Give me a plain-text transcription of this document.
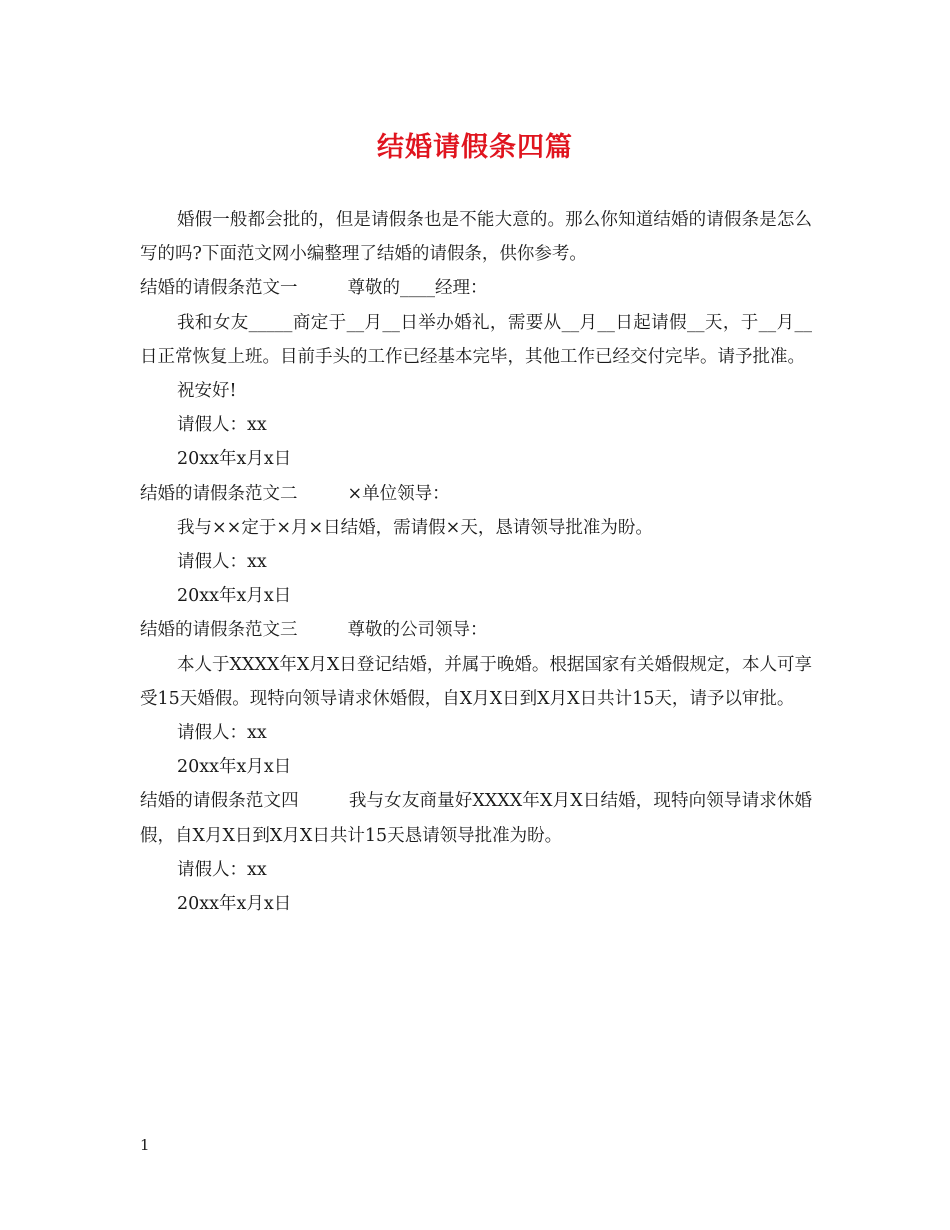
结婚请假条四篇

婚假一般都会批的，但是请假条也是不能大意的。那么你知道结婚的请假条是怎么写的吗?下面范文网小编整理了结婚的请假条，供你参考。

结婚的请假条范文一	尊敬的____经理：

我和女友_____商定于__月__日举办婚礼，需要从__月__日起请假__天，于__月__日正常恢复上班。目前手头的工作已经基本完毕，其他工作已经交付完毕。请予批准。

祝安好!

请假人：xx

20xx年x月x日

结婚的请假条范文二	×单位领导：

我与××定于×月×日结婚，需请假×天，恳请领导批准为盼。

请假人：xx

20xx年x月x日

结婚的请假条范文三	尊敬的公司领导：

本人于XXXX年X月X日登记结婚，并属于晚婚。根据国家有关婚假规定，本人可享受15天婚假。现特向领导请求休婚假，自X月X日到X月X日共计15天，请予以审批。

请假人：xx

20xx年x月x日

结婚的请假条范文四	我与女友商量好XXXX年X月X日结婚，现特向领导请求休婚假，自X月X日到X月X日共计15天恳请领导批准为盼。

请假人：xx

20xx年x月x日

1
